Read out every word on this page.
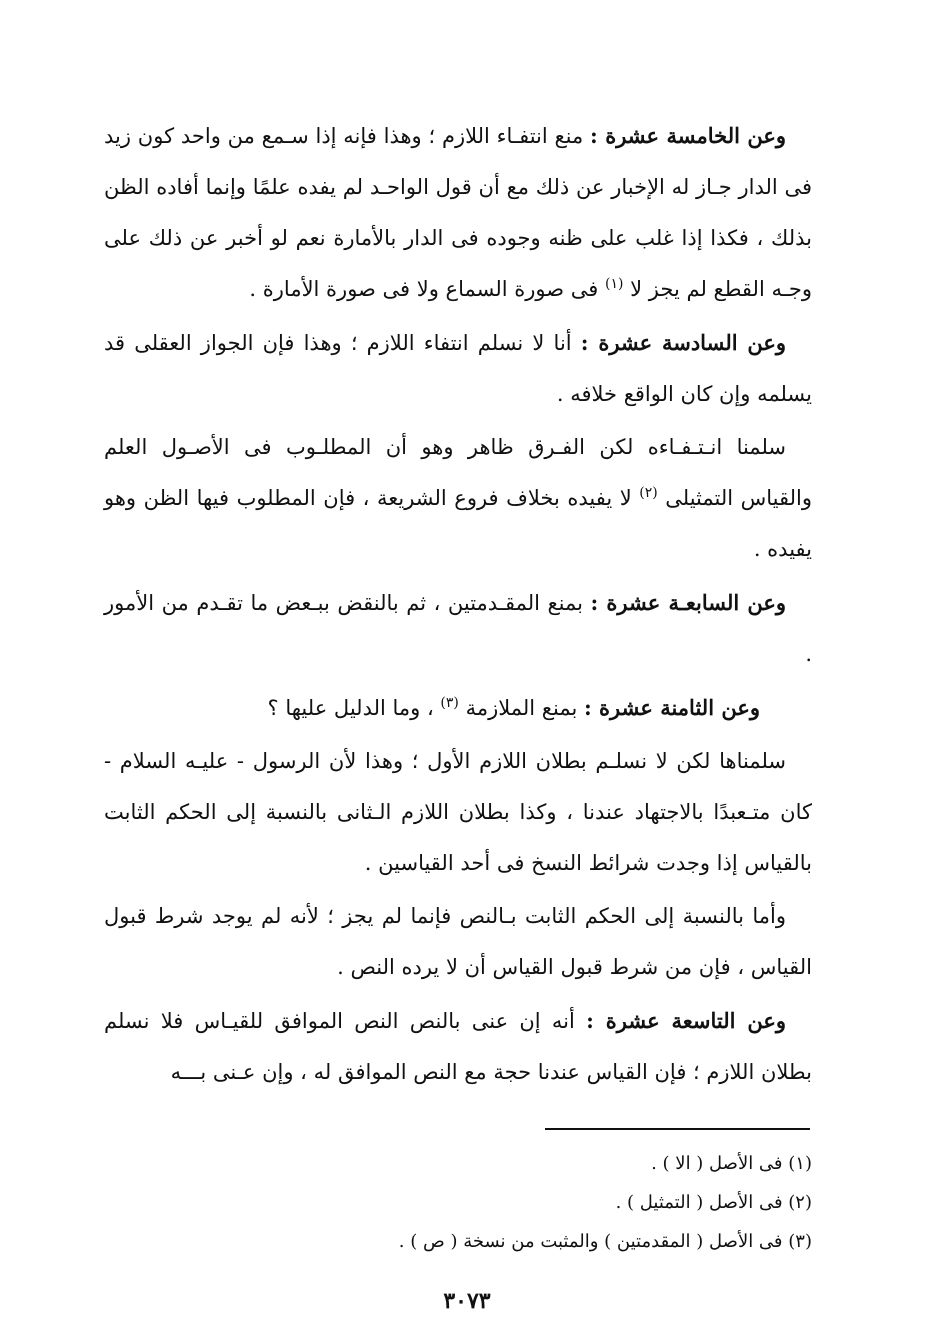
وعن الخامسة عشرة : منع انتفـاء اللازم ؛ وهذا فإنه إذا سـمع من واحد كون زيد فى الدار جـاز له الإخبار عن ذلك مع أن قول الواحـد لم يفده علمًا وإنما أفاده الظن بذلك ، فكذا إذا غلب على ظنه وجوده فى الدار بالأمارة نعم لو أخبر عن ذلك على وجـه القطع لم يجز لا $^{(١)}$ فى صورة السماع ولا فى صورة الأمارة .

وعن السادسة عشرة : أنا لا نسلم انتفاء اللازم ؛ وهذا فإن الجواز العقلى قد يسلمه وإن كان الواقع خلافه .

سلمنا انـتـفـاءه لكن الفـرق ظاهر وهو أن المطلـوب فى الأصـول العلم والقياس التمثيلى $^{(٢)}$ لا يفيده بخلاف فروع الشريعة ، فإن المطلوب فيها الظن وهو يفيده .

وعن السابعـة عشرة : بمنع المقـدمتين ، ثم بالنقض ببـعض ما تقـدم من الأمور .

وعن الثامنة عشرة : بمنع الملازمة $^{(٣)}$ ، وما الدليل عليها ؟

سلمناها لكن لا نسلـم بطلان اللازم الأول ؛ وهذا لأن الرسول - عليـه السلام - كان متـعبدًا بالاجتهاد عندنا ، وكذا بطلان اللازم الـثانى بالنسبة إلى الحكم الثابت بالقياس إذا وجدت شرائط النسخ فى أحد القياسين .

وأما بالنسبة إلى الحكم الثابت بـالنص فإنما لم يجز ؛ لأنه لم يوجد شرط قبول القياس ، فإن من شرط قبول القياس أن لا يرده النص .

وعن التاسعة عشرة : أنه إن عنى بالنص النص الموافق للقيـاس فلا نسلم بطلان اللازم ؛ فإن القياس عندنا حجة مع النص الموافق له ، وإن عـنى بـــه

(١) فى الأصل ( الا ) .

(٢) فى الأصل ( التمثيل ) .

(٣) فى الأصل ( المقدمتين ) والمثبت من نسخة ( ص ) .

٣٠٧٣
